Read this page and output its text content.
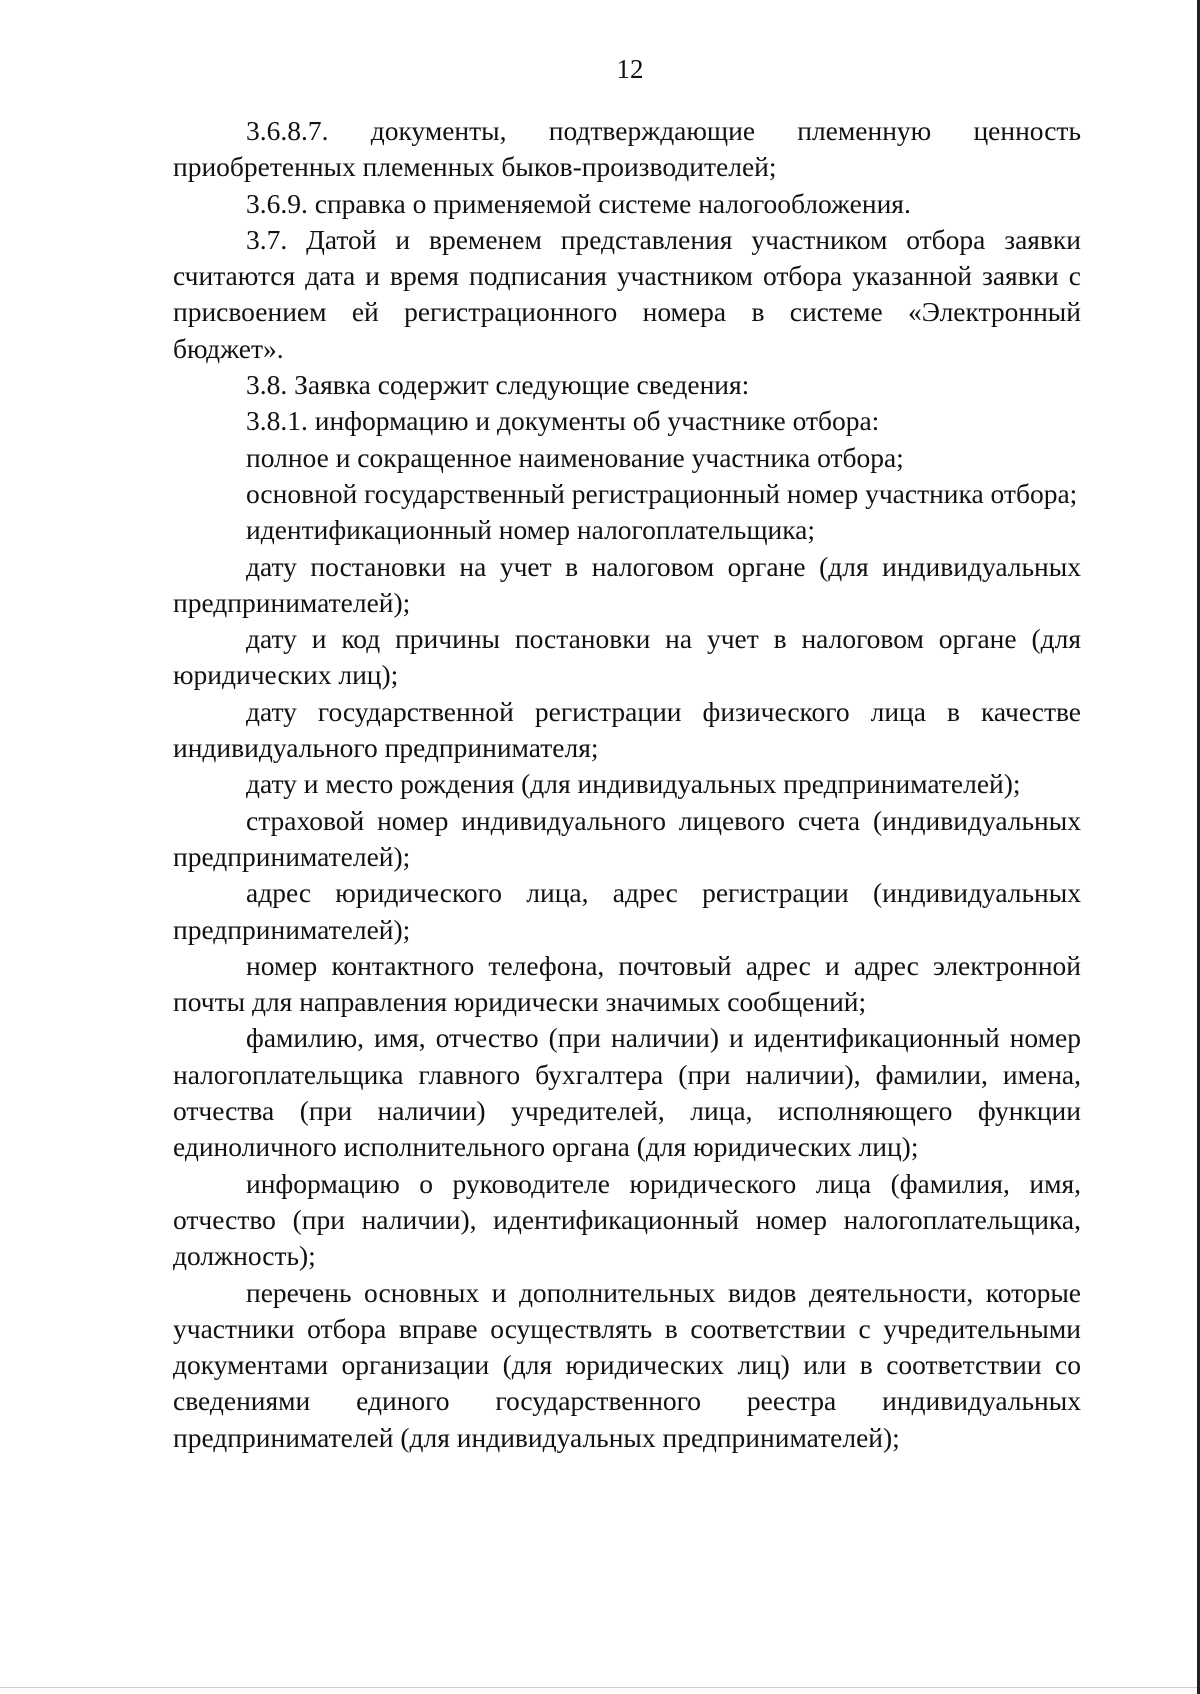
12

3.6.8.7. документы, подтверждающие племенную ценность приобретенных племенных быков-производителей;

3.6.9. справка о применяемой системе налогообложения.

3.7. Датой и временем представления участником отбора заявки считаются дата и время подписания участником отбора указанной заявки с присвоением ей регистрационного номера в системе «Электронный бюджет».

3.8. Заявка содержит следующие сведения:

3.8.1. информацию и документы об участнике отбора:

полное и сокращенное наименование участника отбора;

основной государственный регистрационный номер участника отбора;

идентификационный номер налогоплательщика;

дату постановки на учет в налоговом органе (для индивидуальных предпринимателей);

дату и код причины постановки на учет в налоговом органе (для юридических лиц);

дату государственной регистрации физического лица в качестве индивидуального предпринимателя;

дату и место рождения (для индивидуальных предпринимателей);

страховой номер индивидуального лицевого счета (индивидуальных предпринимателей);

адрес юридического лица, адрес регистрации (индивидуальных предпринимателей);

номер контактного телефона, почтовый адрес и адрес электронной почты для направления юридически значимых сообщений;

фамилию, имя, отчество (при наличии) и идентификационный номер налогоплательщика главного бухгалтера (при наличии), фамилии, имена, отчества (при наличии) учредителей, лица, исполняющего функции единоличного исполнительного органа (для юридических лиц);

информацию о руководителе юридического лица (фамилия, имя, отчество (при наличии), идентификационный номер налогоплательщика, должность);

перечень основных и дополнительных видов деятельности, которые участники отбора вправе осуществлять в соответствии с учредительными документами организации (для юридических лиц) или в соответствии со сведениями единого государственного реестра индивидуальных предпринимателей (для индивидуальных предпринимателей);
